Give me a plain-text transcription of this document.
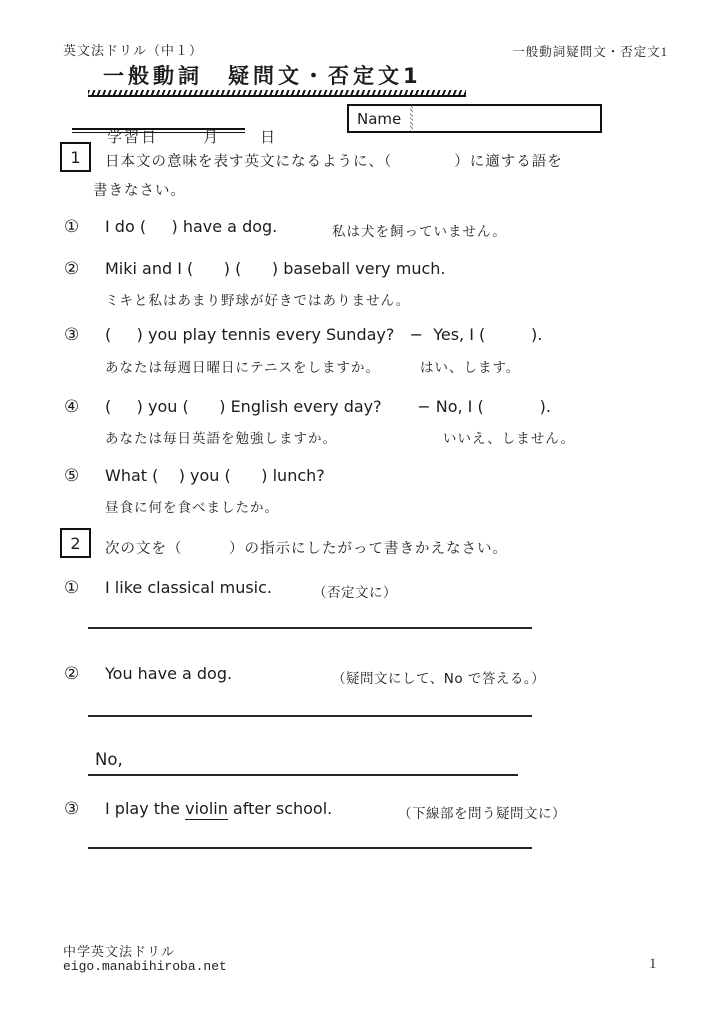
英文法ドリル（中１）	一般動詞疑問文・否定文1
一般動詞　疑問文・否定文1

学習日	月	日

Name
1 日本文の意味を表す英文になるように、（　　　　）に適する語を
書きなさい。
① I do (     ) have a dog.	私は犬を飼っていません。
② Miki and I (      ) (      ) baseball very much.
ミキと私はあまり野球が好きではありません。
③ (     ) you play tennis every Sunday?   −  Yes, I (         ).
あなたは毎週日曜日にテニスをしますか。	はい、します。
④ (     ) you (      ) English every day?       − No, I (           ).
あなたは毎日英語を勉強しますか。	いいえ、しません。
⑤ What (    ) you (      ) lunch?
昼食に何を食べましたか。
2 次の文を（　　　）の指示にしたがって書きかえなさい。
① I like classical music.	（否定文に）
② You have a dog.	（疑問文にして、No で答える。）
No,
③ I play the violin after school.	（下線部を問う疑問文に）
中学英文法ドリル
eigo.manabihiroba.net	1
